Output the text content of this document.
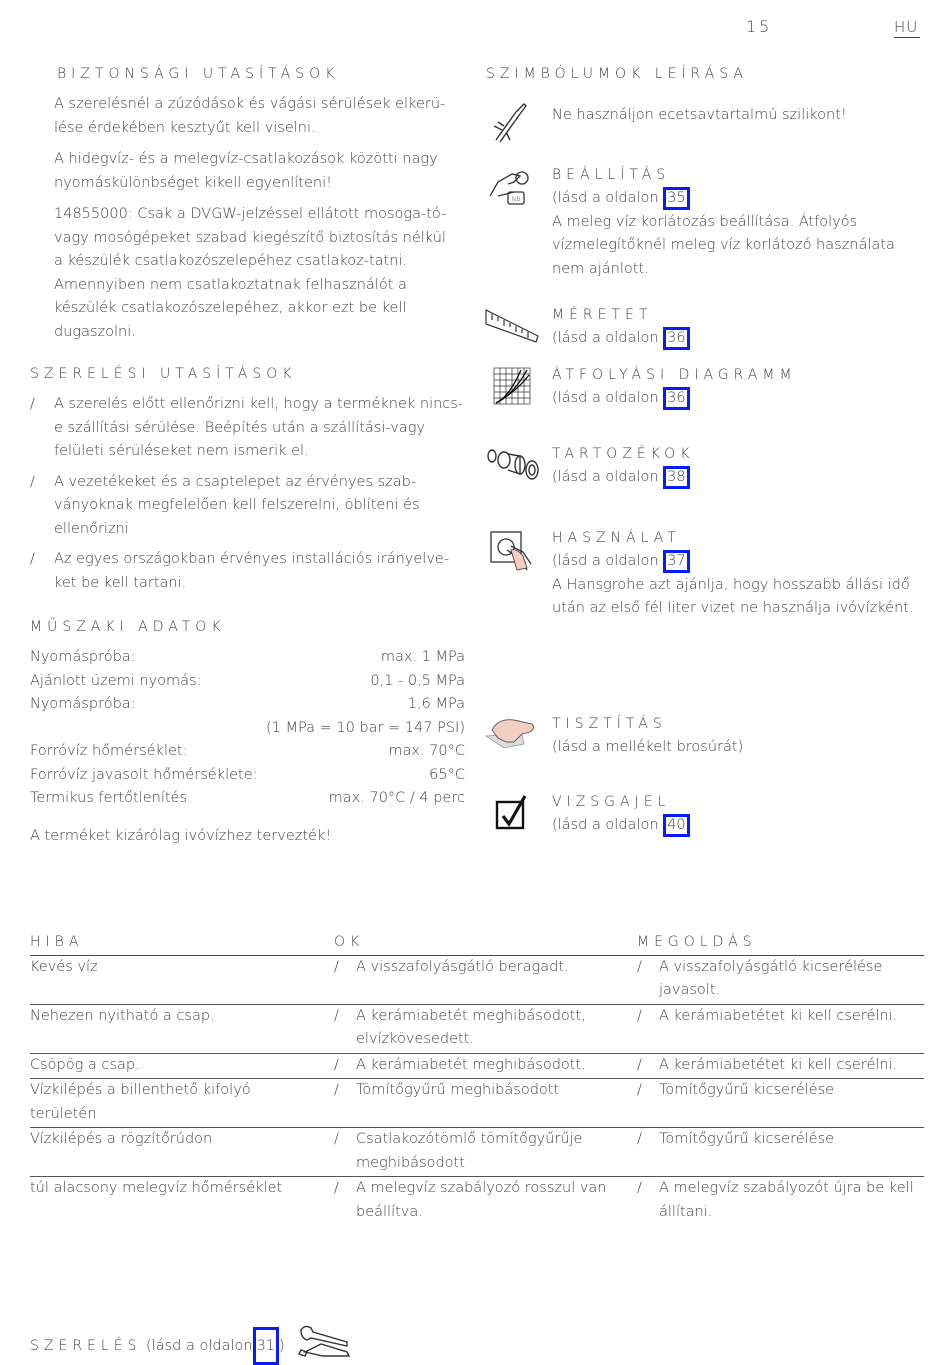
15	HU
BIZTONSÁGI UTASÍTÁSOK

A szerelésnél a zúzódások és vágási sérülések elkerü-lése érdekében kesztyűt kell viselni.

A hidegvíz- és a melegvíz-csatlakozások közötti nagy nyomáskülönbséget kikell egyenlíteni!

14855000: Csak a DVGW-jelzéssel ellátott mosoga-tó- vagy mosógépeket szabad kiegészítő biztosítás nélkül a készülék csatlakozószelepéhez csatlakoz-tatni. Amennyiben nem csatlakoztatnak felhasználót a készülék csatlakozószelepéhez, akkor ezt be kell dugaszolni.

SZERELÉSI UTASÍTÁSOK
/ A szerelés előtt ellenőrizni kell, hogy a terméknek nincs-e szállítási sérülése. Beépítés után a szállítási-vagy felületi sérüléseket nem ismerik el.
/ A vezetékeket és a csaptelepet az érvényes szab-ványoknak megfelelően kell felszerelni, öblíteni és ellenőrizni
/ Az egyes országokban érvényes installációs irányelve-ket be kell tartani.
MŰSZAKI ADATOK
Nyomáspróba:	max. 1 MPa
Ajánlott üzemi nyomás:	0,1 - 0,5 MPa
Nyomáspróba:	1,6 MPa
(1 MPa = 10 bar = 147 PSI)
Forróvíz hőmérséklet:	max. 70°C
Forróvíz javasolt hőmérséklete:	65°C
Termikus fertőtlenítés	max. 70°C / 4 perc
A terméket kizárólag ivóvízhez tervezték!
SZIMBÓLUMOK LEÍRÁSA
Ne használjon ecetsavtartalmú szilikont!
NB
BEÁLLÍTÁS
(lásd a oldalon 35
A meleg víz korlátozás beállítása. Átfolyós vízmelegítőknél meleg víz korlátozó használata nem ajánlott.
MÉRETET
(lásd a oldalon 36
ÁTFOLYÁSI DIAGRAMM
(lásd a oldalon 36
TARTOZÉKOK
(lásd a oldalon 38
HASZNÁLAT
(lásd a oldalon 37
A Hansgrohe azt ajánlja, hogy hosszabb állási idő után az első fél liter vizet ne használja ivóvízként.
TISZTÍTÁS
(lásd a mellékelt brosúrát)
VIZSGAJEL
(lásd a oldalon 40
HIBA	OK	MEGOLDÁS
Kevés víz	/ A visszafolyásgátló beragadt.	/ A visszafolyásgátló kicserélése javasolt.

Nehezen nyitható a csap.	/ A kerámiabetét meghibásodott, elvízkövesedett.	/ A kerámiabetétet ki kell cserélni.

Csöpög a csap.	/ A kerámiabetét meghibásodott.	/ A kerámiabetétet ki kell cserélni.

Vízkilépés a billenthető kifolyó területén	/ Tömítőgyűrű meghibásodott	/ Tömítőgyűrű kicserélése

Vízkilépés a rögzítőrúdon	/ Csatlakozótömlő tömítőgyűrűje meghibásodott	/ Tömítőgyűrű kicserélése

túl alacsony melegvíz hőmérséklet	/ A melegvíz szabályozó rosszul van beállítva.	/ A melegvíz szabályozót újra be kell állítani.
SZERELÉS (lásd a oldalon 31 )
